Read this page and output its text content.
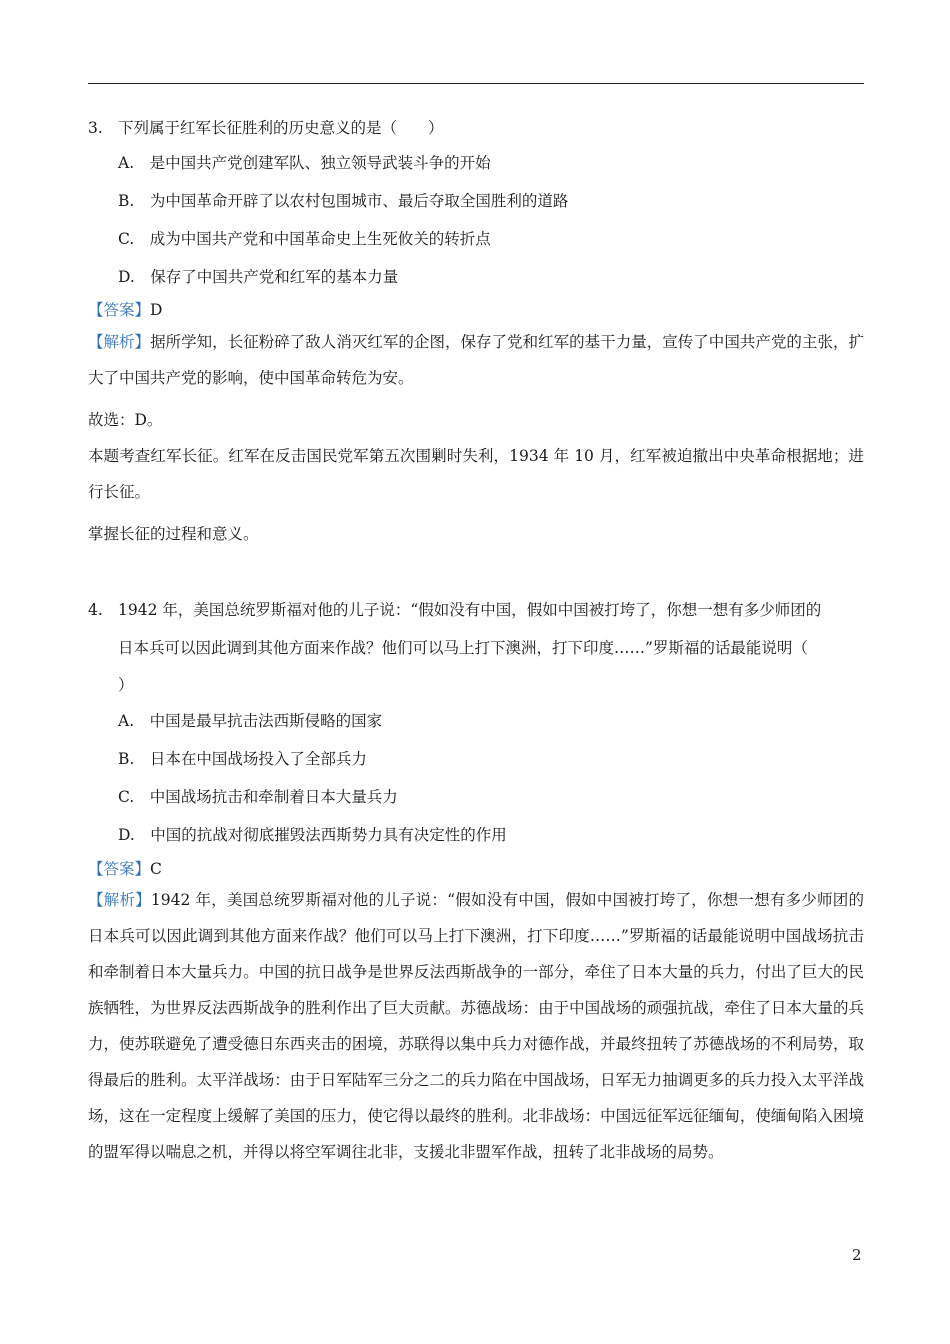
3. 下列属于红军长征胜利的历史意义的是（　　）
A.　是中国共产党创建军队、独立领导武装斗争的开始
B.　为中国革命开辟了以农村包围城市、最后夺取全国胜利的道路
C.　成为中国共产党和中国革命史上生死攸关的转折点
D.　保存了中国共产党和红军的基本力量
【答案】D
【解析】据所学知，长征粉碎了敌人消灭红军的企图，保存了党和红军的基干力量，宣传了中国共产党的主张，扩大了中国共产党的影响，使中国革命转危为安。
故选：D。
本题考查红军长征。红军在反击国民党军第五次围剿时失利，1934 年 10 月，红军被迫撤出中央革命根据地；进行长征。
掌握长征的过程和意义。
4. 1942 年，美国总统罗斯福对他的儿子说：“假如没有中国，假如中国被打垮了，你想一想有多少师团的
日本兵可以因此调到其他方面来作战？他们可以马上打下澳洲，打下印度……”罗斯福的话最能说明（
）
A.　中国是最早抗击法西斯侵略的国家
B.　日本在中国战场投入了全部兵力
C.　中国战场抗击和牵制着日本大量兵力
D.　中国的抗战对彻底摧毁法西斯势力具有决定性的作用
【答案】C
【解析】1942 年，美国总统罗斯福对他的儿子说：“假如没有中国，假如中国被打垮了，你想一想有多少师团的日本兵可以因此调到其他方面来作战？他们可以马上打下澳洲，打下印度……”罗斯福的话最能说明中国战场抗击和牵制着日本大量兵力。中国的抗日战争是世界反法西斯战争的一部分，牵住了日本大量的兵力，付出了巨大的民族牺牲，为世界反法西斯战争的胜利作出了巨大贡献。苏德战场：由于中国战场的顽强抗战，牵住了日本大量的兵力，使苏联避免了遭受德日东西夹击的困境，苏联得以集中兵力对德作战，并最终扭转了苏德战场的不利局势，取得最后的胜利。太平洋战场：由于日军陆军三分之二的兵力陷在中国战场，日军无力抽调更多的兵力投入太平洋战场，这在一定程度上缓解了美国的压力，使它得以最终的胜利。北非战场：中国远征军远征缅甸，使缅甸陷入困境的盟军得以喘息之机，并得以将空军调往北非，支援北非盟军作战，扭转了北非战场的局势。
2
